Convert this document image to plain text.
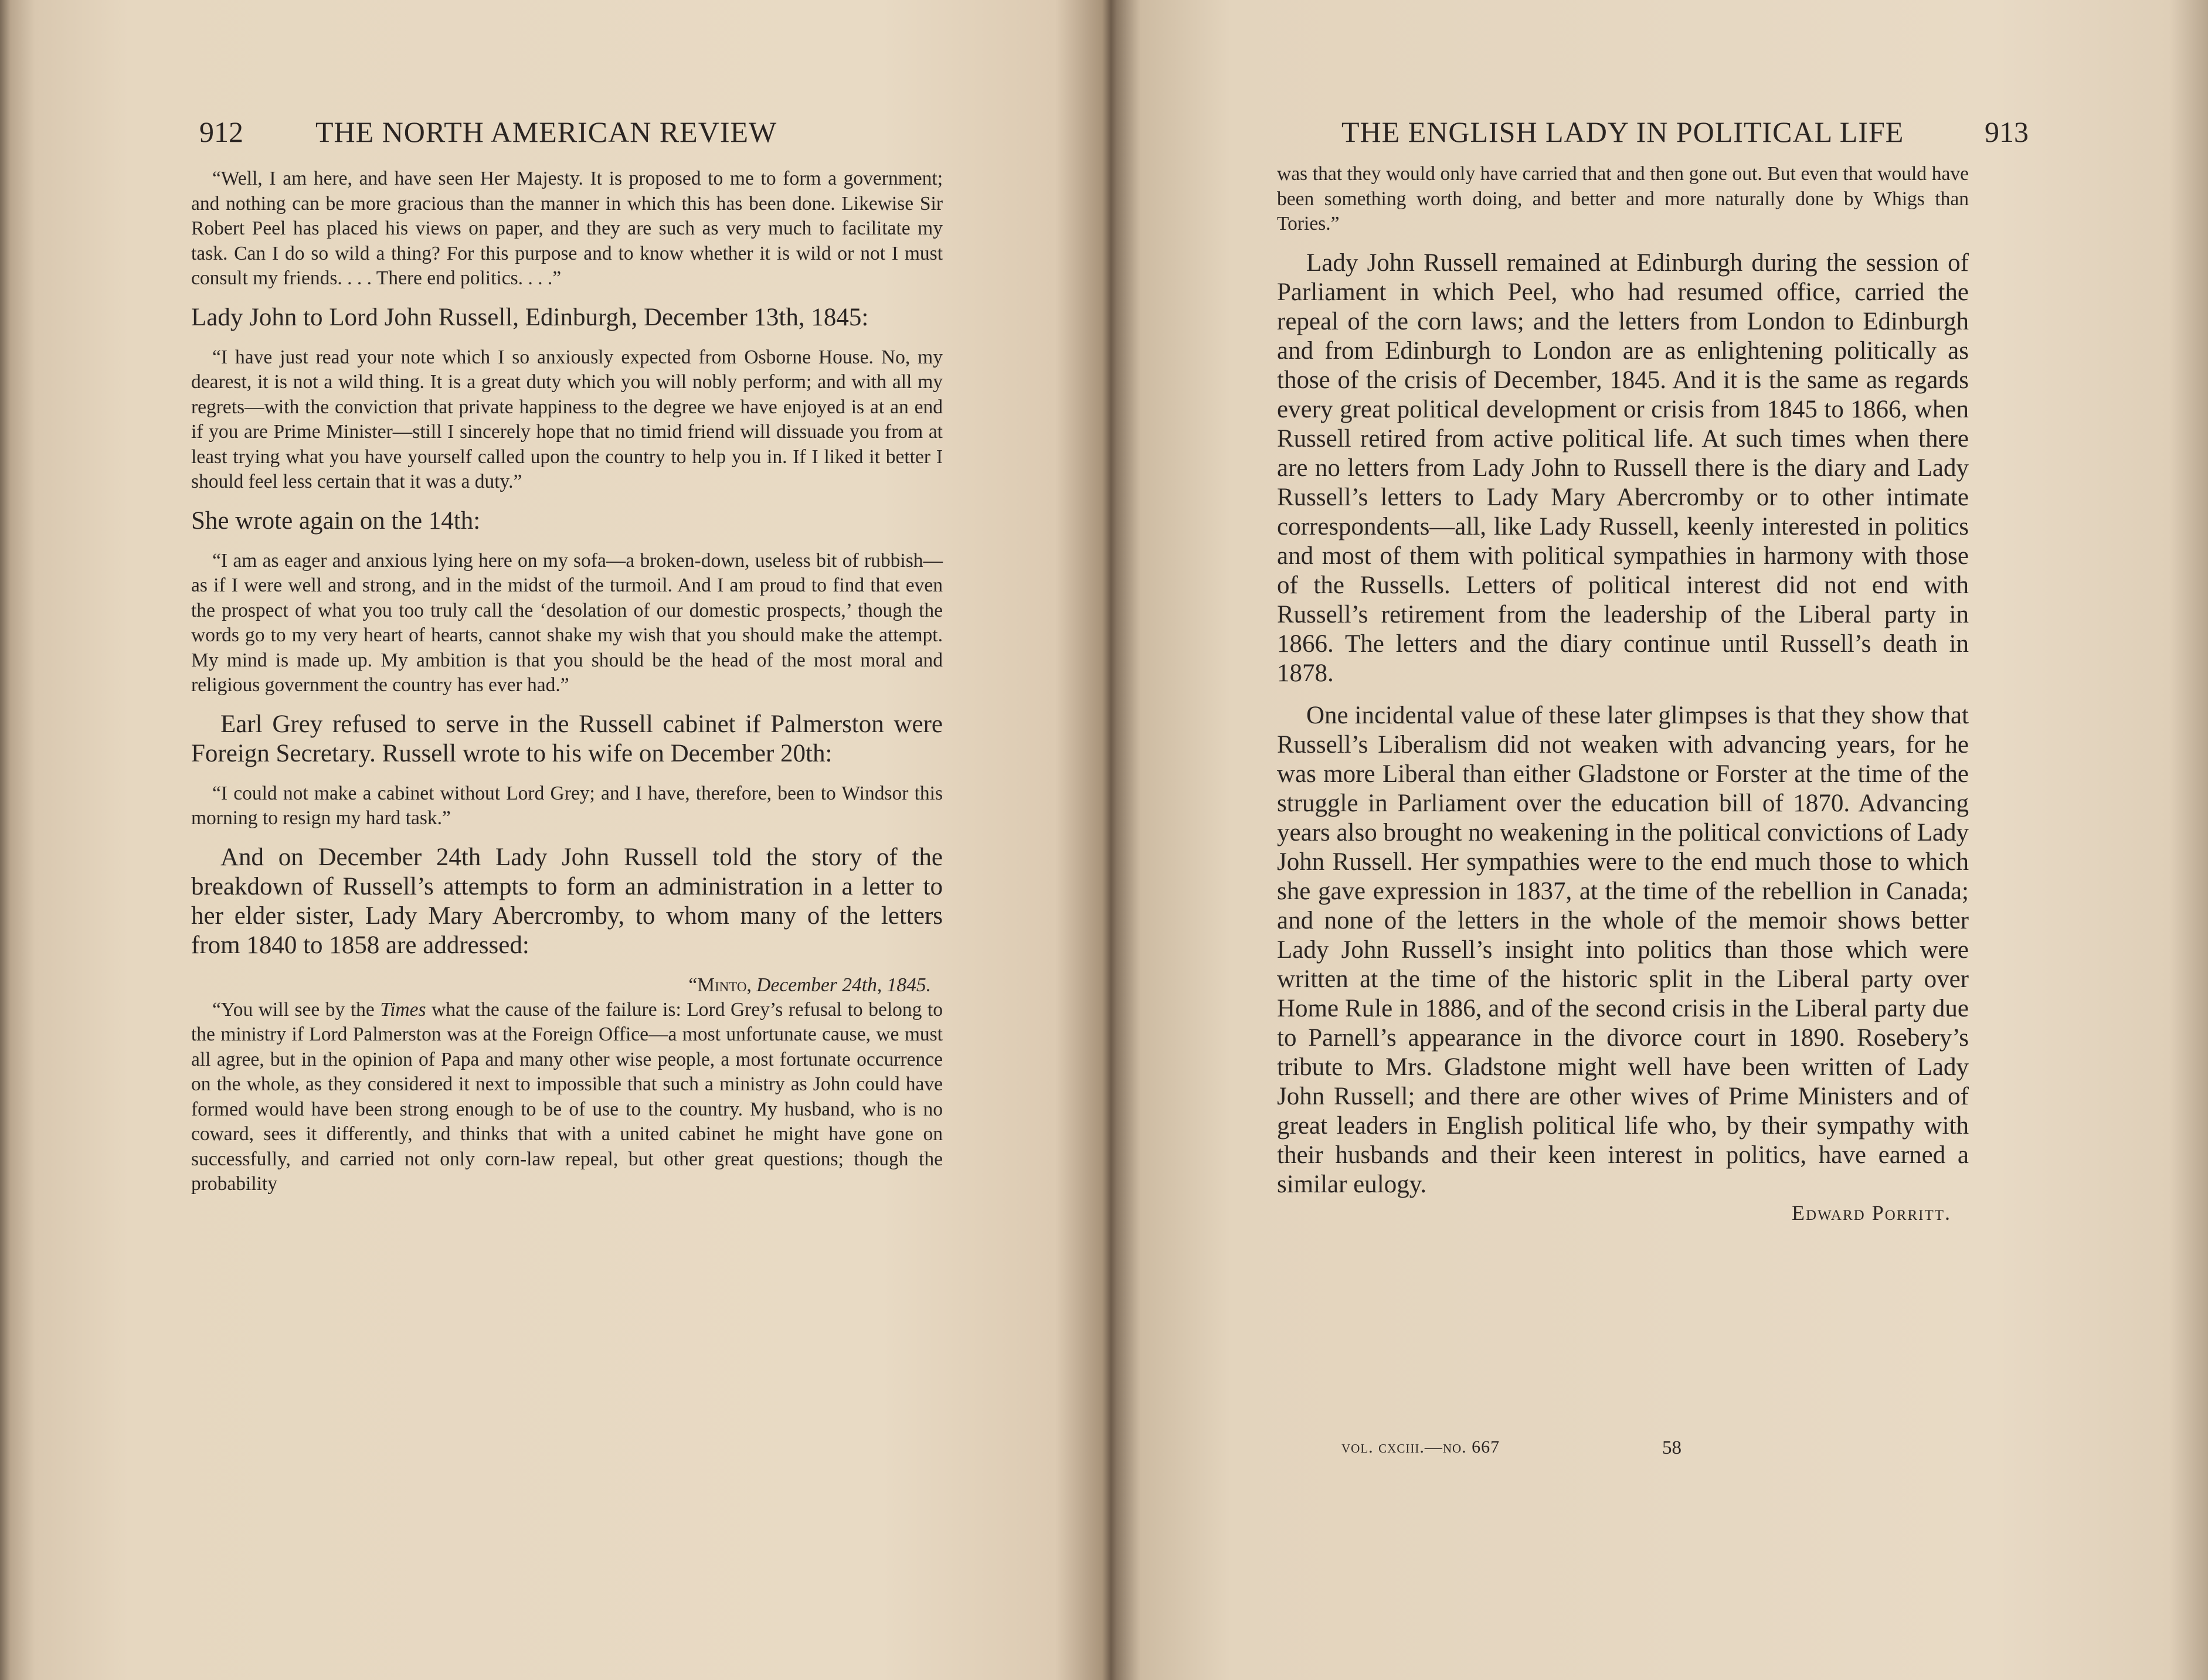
912 THE NORTH AMERICAN REVIEW

“Well, I am here, and have seen Her Majesty. It is proposed to me to form a government; and nothing can be more gracious than the manner in which this has been done. Likewise Sir Robert Peel has placed his views on paper, and they are such as very much to facilitate my task. Can I do so wild a thing? For this purpose and to know whether it is wild or not I must consult my friends. . . . There end politics. . . .”

Lady John to Lord John Russell, Edinburgh, December 13th, 1845:

“I have just read your note which I so anxiously expected from Osborne House. No, my dearest, it is not a wild thing. It is a great duty which you will nobly perform; and with all my regrets—with the conviction that private happiness to the degree we have enjoyed is at an end if you are Prime Minister—still I sincerely hope that no timid friend will dissuade you from at least trying what you have yourself called upon the country to help you in. If I liked it better I should feel less certain that it was a duty.”

She wrote again on the 14th:

“I am as eager and anxious lying here on my sofa—a broken-down, useless bit of rubbish—as if I were well and strong, and in the midst of the turmoil. And I am proud to find that even the prospect of what you too truly call the ‘desolation of our domestic prospects,’ though the words go to my very heart of hearts, cannot shake my wish that you should make the attempt. My mind is made up. My ambition is that you should be the head of the most moral and religious government the country has ever had.”

Earl Grey refused to serve in the Russell cabinet if Palmerston were Foreign Secretary. Russell wrote to his wife on December 20th:

“I could not make a cabinet without Lord Grey; and I have, therefore, been to Windsor this morning to resign my hard task.”

And on December 24th Lady John Russell told the story of the breakdown of Russell’s attempts to form an administration in a letter to her elder sister, Lady Mary Abercromby, to whom many of the letters from 1840 to 1858 are addressed:

“Minto, December 24th, 1845.

“You will see by the Times what the cause of the failure is: Lord Grey’s refusal to belong to the ministry if Lord Palmerston was at the Foreign Office—a most unfortunate cause, we must all agree, but in the opinion of Papa and many other wise people, a most fortunate occurrence on the whole, as they considered it next to impossible that such a ministry as John could have formed would have been strong enough to be of use to the country. My husband, who is no coward, sees it differently, and thinks that with a united cabinet he might have gone on successfully, and carried not only corn-law repeal, but other great questions; though the probability

THE ENGLISH LADY IN POLITICAL LIFE	913

was that they would only have carried that and then gone out. But even that would have been something worth doing, and better and more naturally done by Whigs than Tories.”

Lady John Russell remained at Edinburgh during the session of Parliament in which Peel, who had resumed office, carried the repeal of the corn laws; and the letters from London to Edinburgh and from Edinburgh to London are as enlightening politically as those of the crisis of December, 1845. And it is the same as regards every great political development or crisis from 1845 to 1866, when Russell retired from active political life. At such times when there are no letters from Lady John to Russell there is the diary and Lady Russell’s letters to Lady Mary Abercromby or to other intimate correspondents—all, like Lady Russell, keenly interested in politics and most of them with political sympathies in harmony with those of the Russells. Letters of political interest did not end with Russell’s retirement from the leadership of the Liberal party in 1866. The letters and the diary continue until Russell’s death in 1878.

One incidental value of these later glimpses is that they show that Russell’s Liberalism did not weaken with advancing years, for he was more Liberal than either Gladstone or Forster at the time of the struggle in Parliament over the education bill of 1870. Advancing years also brought no weakening in the political convictions of Lady John Russell. Her sympathies were to the end much those to which she gave expression in 1837, at the time of the rebellion in Canada; and none of the letters in the whole of the memoir shows better Lady John Russell’s insight into politics than those which were written at the time of the historic split in the Liberal party over Home Rule in 1886, and of the second crisis in the Liberal party due to Parnell’s appearance in the divorce court in 1890. Rosebery’s tribute to Mrs. Gladstone might well have been written of Lady John Russell; and there are other wives of Prime Ministers and of great leaders in English political life who, by their sympathy with their husbands and their keen interest in politics, have earned a similar eulogy.

Edward Porritt.

vol. cxciii.—no. 667	58
